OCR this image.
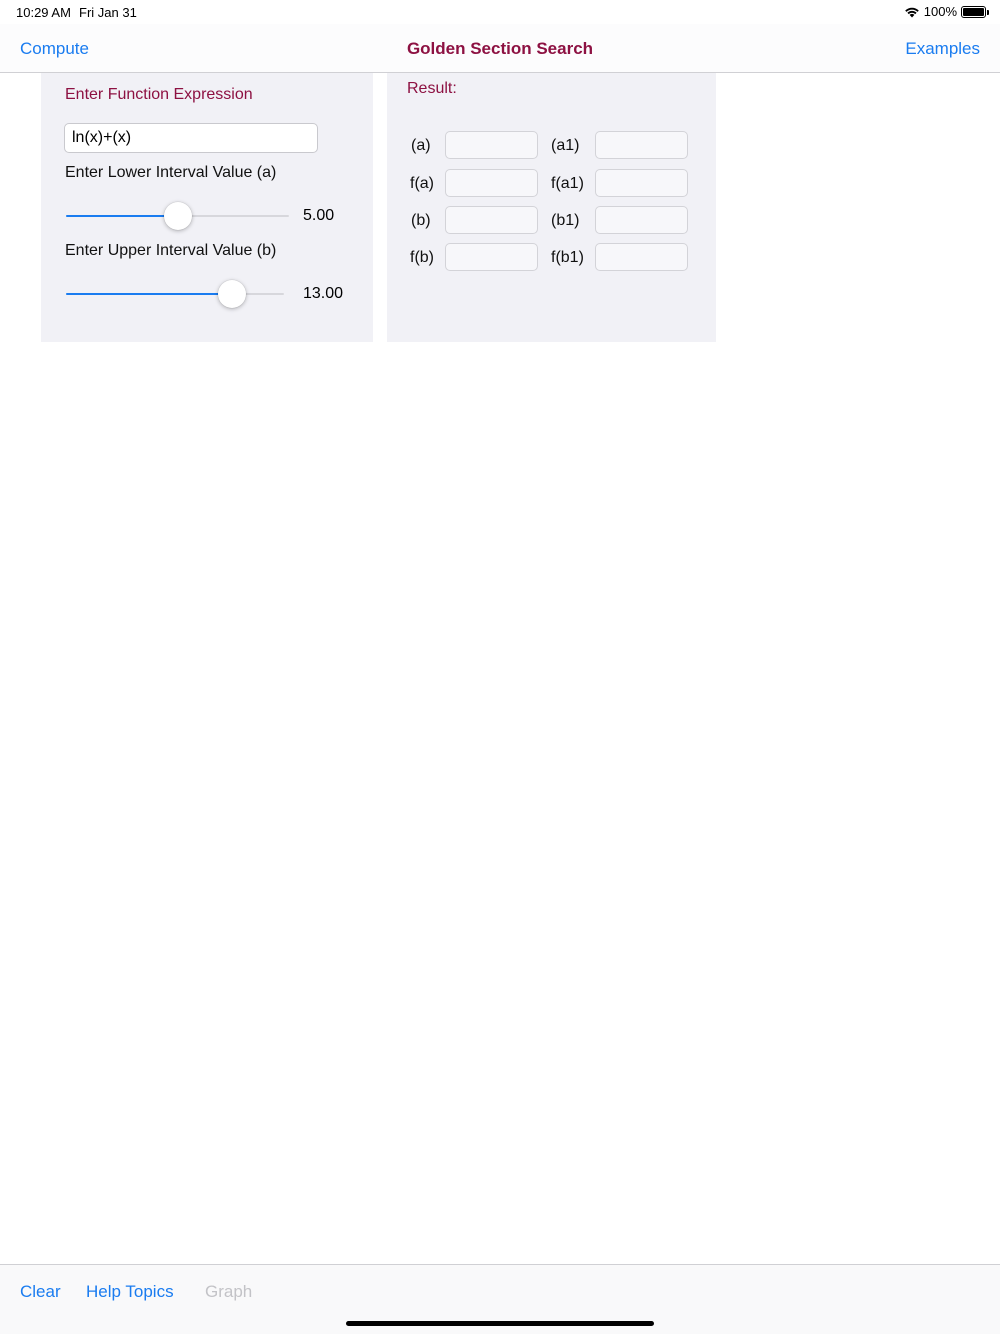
10:29 AM Fri Jan 31	100%
Compute	Golden Section Search	Examples
Enter Function Expression
ln(x)+(x)
Enter Lower Interval Value (a)
5.00
Enter Upper Interval Value (b)
13.00
Result:
(a)	(a1)
f(a)	f(a1)
(b)	(b1)
f(b)	f(b1)
Clear Help Topics Graph
